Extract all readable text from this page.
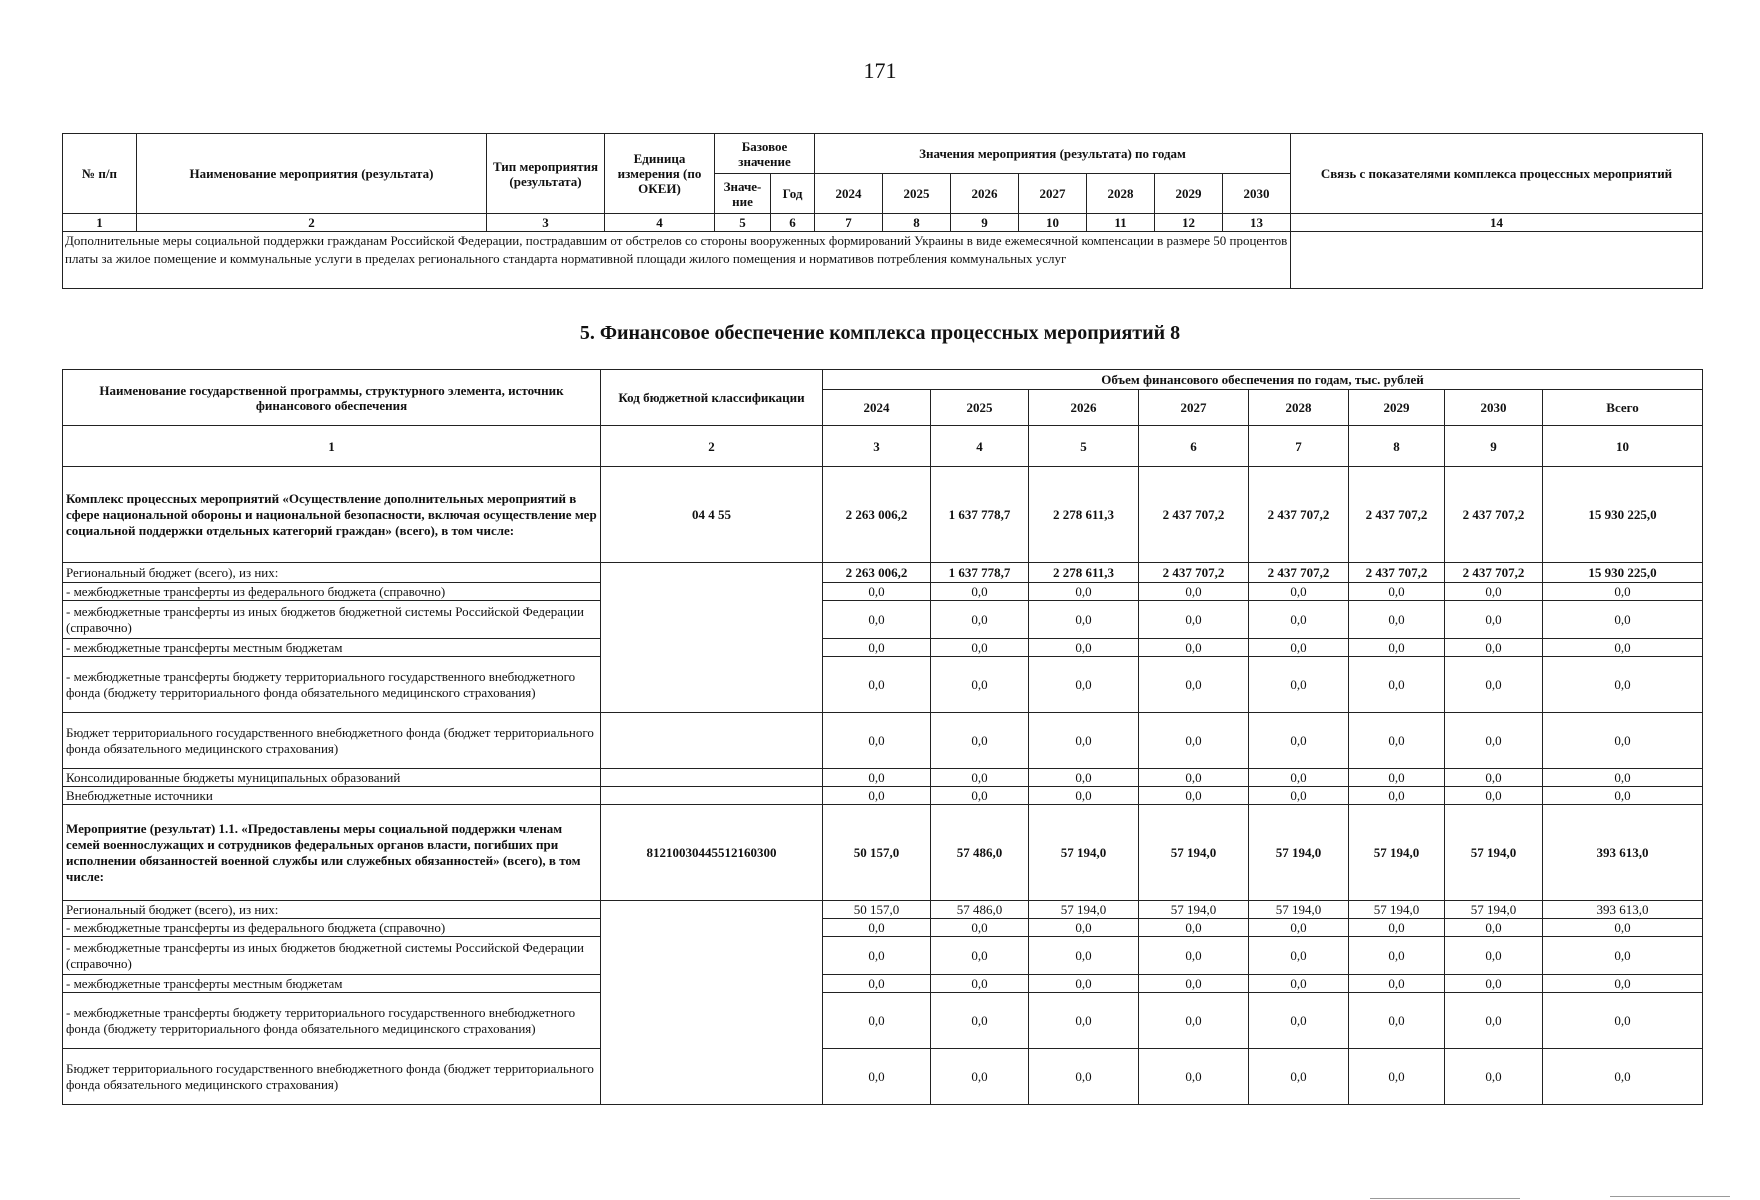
171
№ п/п	Наименование мероприятия (результата)	Тип мероприятия (результата)	Единица измерения (по ОКЕИ)	Базовое значение		Значения мероприятия (результата) по годам							Связь с показателями комплекса процессных мероприятий
				Значе-ние	Год	2024	2025	2026	2027	2028	2029	2030	
1	2	3	4	5	6	7	8	9	10	11	12	13	14
Дополнительные меры социальной поддержки гражданам Российской Федерации, пострадавшим от обстрелов со стороны вооруженных формирований Украины в виде ежемесячной компенсации в размере 50 процентов платы за жилое помещение и коммунальные услуги в пределах регионального стандарта нормативной площади жилого помещения и нормативов потребления коммунальных услуг													
5. Финансовое обеспечение комплекса процессных мероприятий 8
Наименование государственной программы, структурного элемента, источник финансового обеспечения	Код бюджетной классификации	Объем финансового обеспечения по годам, тыс. рублей							
		2024	2025	2026	2027	2028	2029	2030	Всего
1	2	3	4	5	6	7	8	9	10
Комплекс процессных мероприятий «Осуществление дополнительных мероприятий в сфере национальной обороны и национальной безопасности, включая осуществление мер социальной поддержки отдельных категорий граждан» (всего), в том числе:	04 4 55	2 263 006,2	1 637 778,7	2 278 611,3	2 437 707,2	2 437 707,2	2 437 707,2	2 437 707,2	15 930 225,0
Региональный бюджет (всего), из них:		2 263 006,2	1 637 778,7	2 278 611,3	2 437 707,2	2 437 707,2	2 437 707,2	2 437 707,2	15 930 225,0
- межбюджетные трансферты из федерального бюджета (справочно)		0,0	0,0	0,0	0,0	0,0	0,0	0,0	0,0
- межбюджетные трансферты из иных бюджетов бюджетной системы Российской Федерации (справочно)		0,0	0,0	0,0	0,0	0,0	0,0	0,0	0,0
- межбюджетные трансферты местным бюджетам		0,0	0,0	0,0	0,0	0,0	0,0	0,0	0,0
- межбюджетные трансферты бюджету территориального государственного внебюджетного фонда (бюджету территориального фонда обязательного медицинского страхования)		0,0	0,0	0,0	0,0	0,0	0,0	0,0	0,0
Бюджет территориального государственного внебюджетного фонда (бюджет территориального фонда обязательного медицинского страхования)		0,0	0,0	0,0	0,0	0,0	0,0	0,0	0,0
Консолидированные бюджеты муниципальных образований		0,0	0,0	0,0	0,0	0,0	0,0	0,0	0,0
Внебюджетные источники		0,0	0,0	0,0	0,0	0,0	0,0	0,0	0,0
Мероприятие (результат) 1.1. «Предоставлены меры социальной поддержки членам семей военнослужащих и сотрудников федеральных органов власти, погибших при исполнении обязанностей военной службы или служебных обязанностей» (всего), в том числе:	81210030445512160300	50 157,0	57 486,0	57 194,0	57 194,0	57 194,0	57 194,0	57 194,0	393 613,0
Региональный бюджет (всего), из них:		50 157,0	57 486,0	57 194,0	57 194,0	57 194,0	57 194,0	57 194,0	393 613,0
- межбюджетные трансферты из федерального бюджета (справочно)		0,0	0,0	0,0	0,0	0,0	0,0	0,0	0,0
- межбюджетные трансферты из иных бюджетов бюджетной системы Российской Федерации (справочно)		0,0	0,0	0,0	0,0	0,0	0,0	0,0	0,0
- межбюджетные трансферты местным бюджетам		0,0	0,0	0,0	0,0	0,0	0,0	0,0	0,0
- межбюджетные трансферты бюджету территориального государственного внебюджетного фонда (бюджету территориального фонда обязательного медицинского страхования)		0,0	0,0	0,0	0,0	0,0	0,0	0,0	0,0
Бюджет территориального государственного внебюджетного фонда (бюджет территориального фонда обязательного медицинского страхования)		0,0	0,0	0,0	0,0	0,0	0,0	0,0	0,0
